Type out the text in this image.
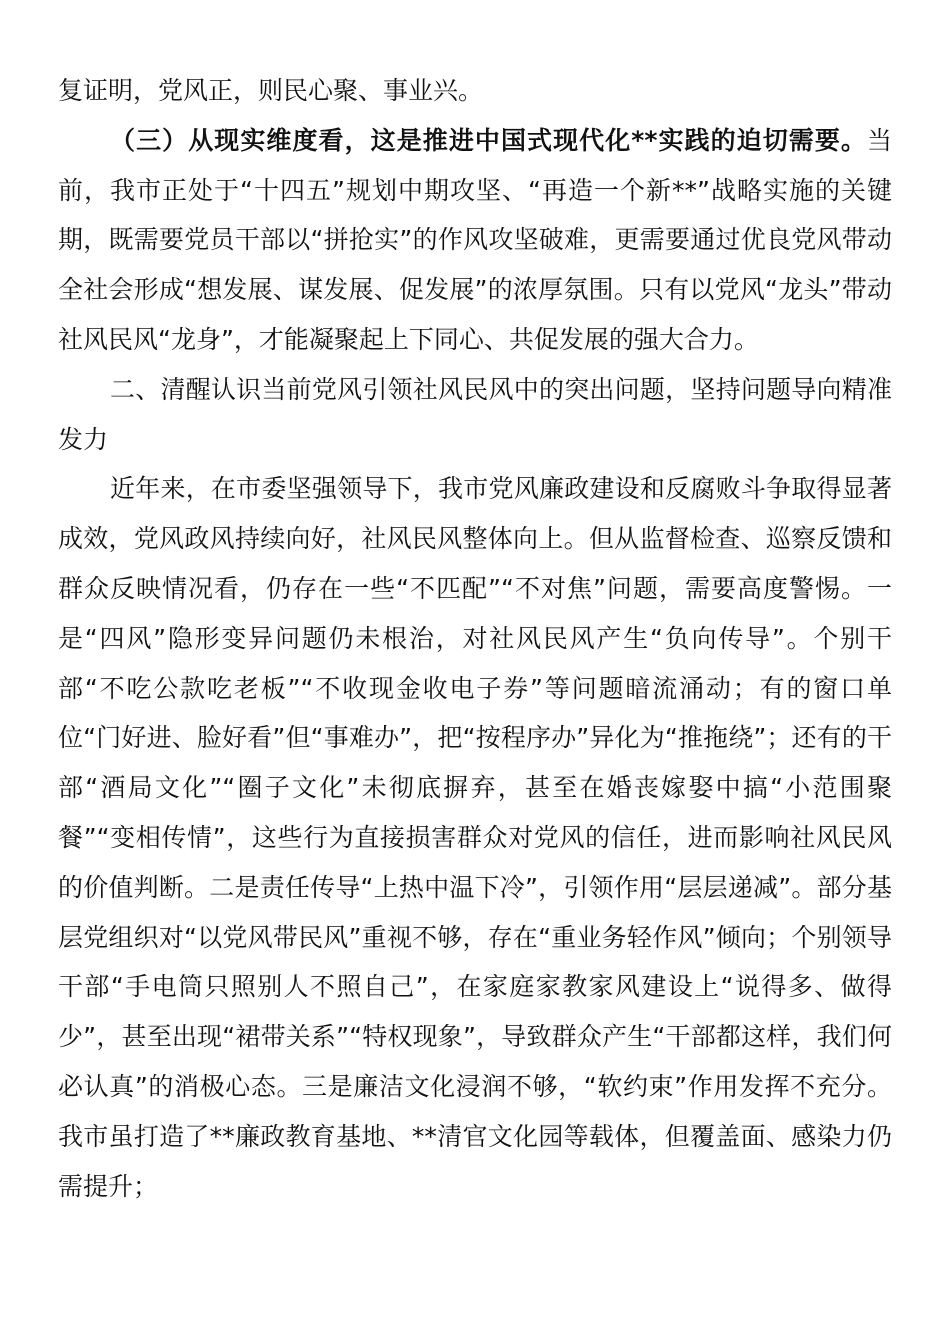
复证明，党风正，则民心聚、事业兴。

（三）从现实维度看，这是推进中国式现代化**实践的迫切需要。当前，我市正处于“十四五”规划中期攻坚、“再造一个新**”战略实施的关键期，既需要党员干部以“拼抢实”的作风攻坚破难，更需要通过优良党风带动全社会形成“想发展、谋发展、促发展”的浓厚氛围。只有以党风“龙头”带动社风民风“龙身”，才能凝聚起上下同心、共促发展的强大合力。

二、清醒认识当前党风引领社风民风中的突出问题，坚持问题导向精准发力

近年来，在市委坚强领导下，我市党风廉政建设和反腐败斗争取得显著成效，党风政风持续向好，社风民风整体向上。但从监督检查、巡察反馈和群众反映情况看，仍存在一些“不匹配”“不对焦”问题，需要高度警惕。一是“四风”隐形变异问题仍未根治，对社风民风产生“负向传导”。个别干部“不吃公款吃老板”“不收现金收电子券”等问题暗流涌动；有的窗口单位“门好进、脸好看”但“事难办”，把“按程序办”异化为“推拖绕”；还有的干部“酒局文化”“圈子文化”未彻底摒弃，甚至在婚丧嫁娶中搞“小范围聚餐”“变相传情”，这些行为直接损害群众对党风的信任，进而影响社风民风的价值判断。二是责任传导“上热中温下冷”，引领作用“层层递减”。部分基层党组织对“以党风带民风”重视不够，存在“重业务轻作风”倾向；个别领导干部“手电筒只照别人不照自己”，在家庭家教家风建设上“说得多、做得少”，甚至出现“裙带关系”“特权现象”，导致群众产生“干部都这样，我们何必认真”的消极心态。三是廉洁文化浸润不够，“软约束”作用发挥不充分。我市虽打造了**廉政教育基地、**清官文化园等载体，但覆盖面、感染力仍需提升；
